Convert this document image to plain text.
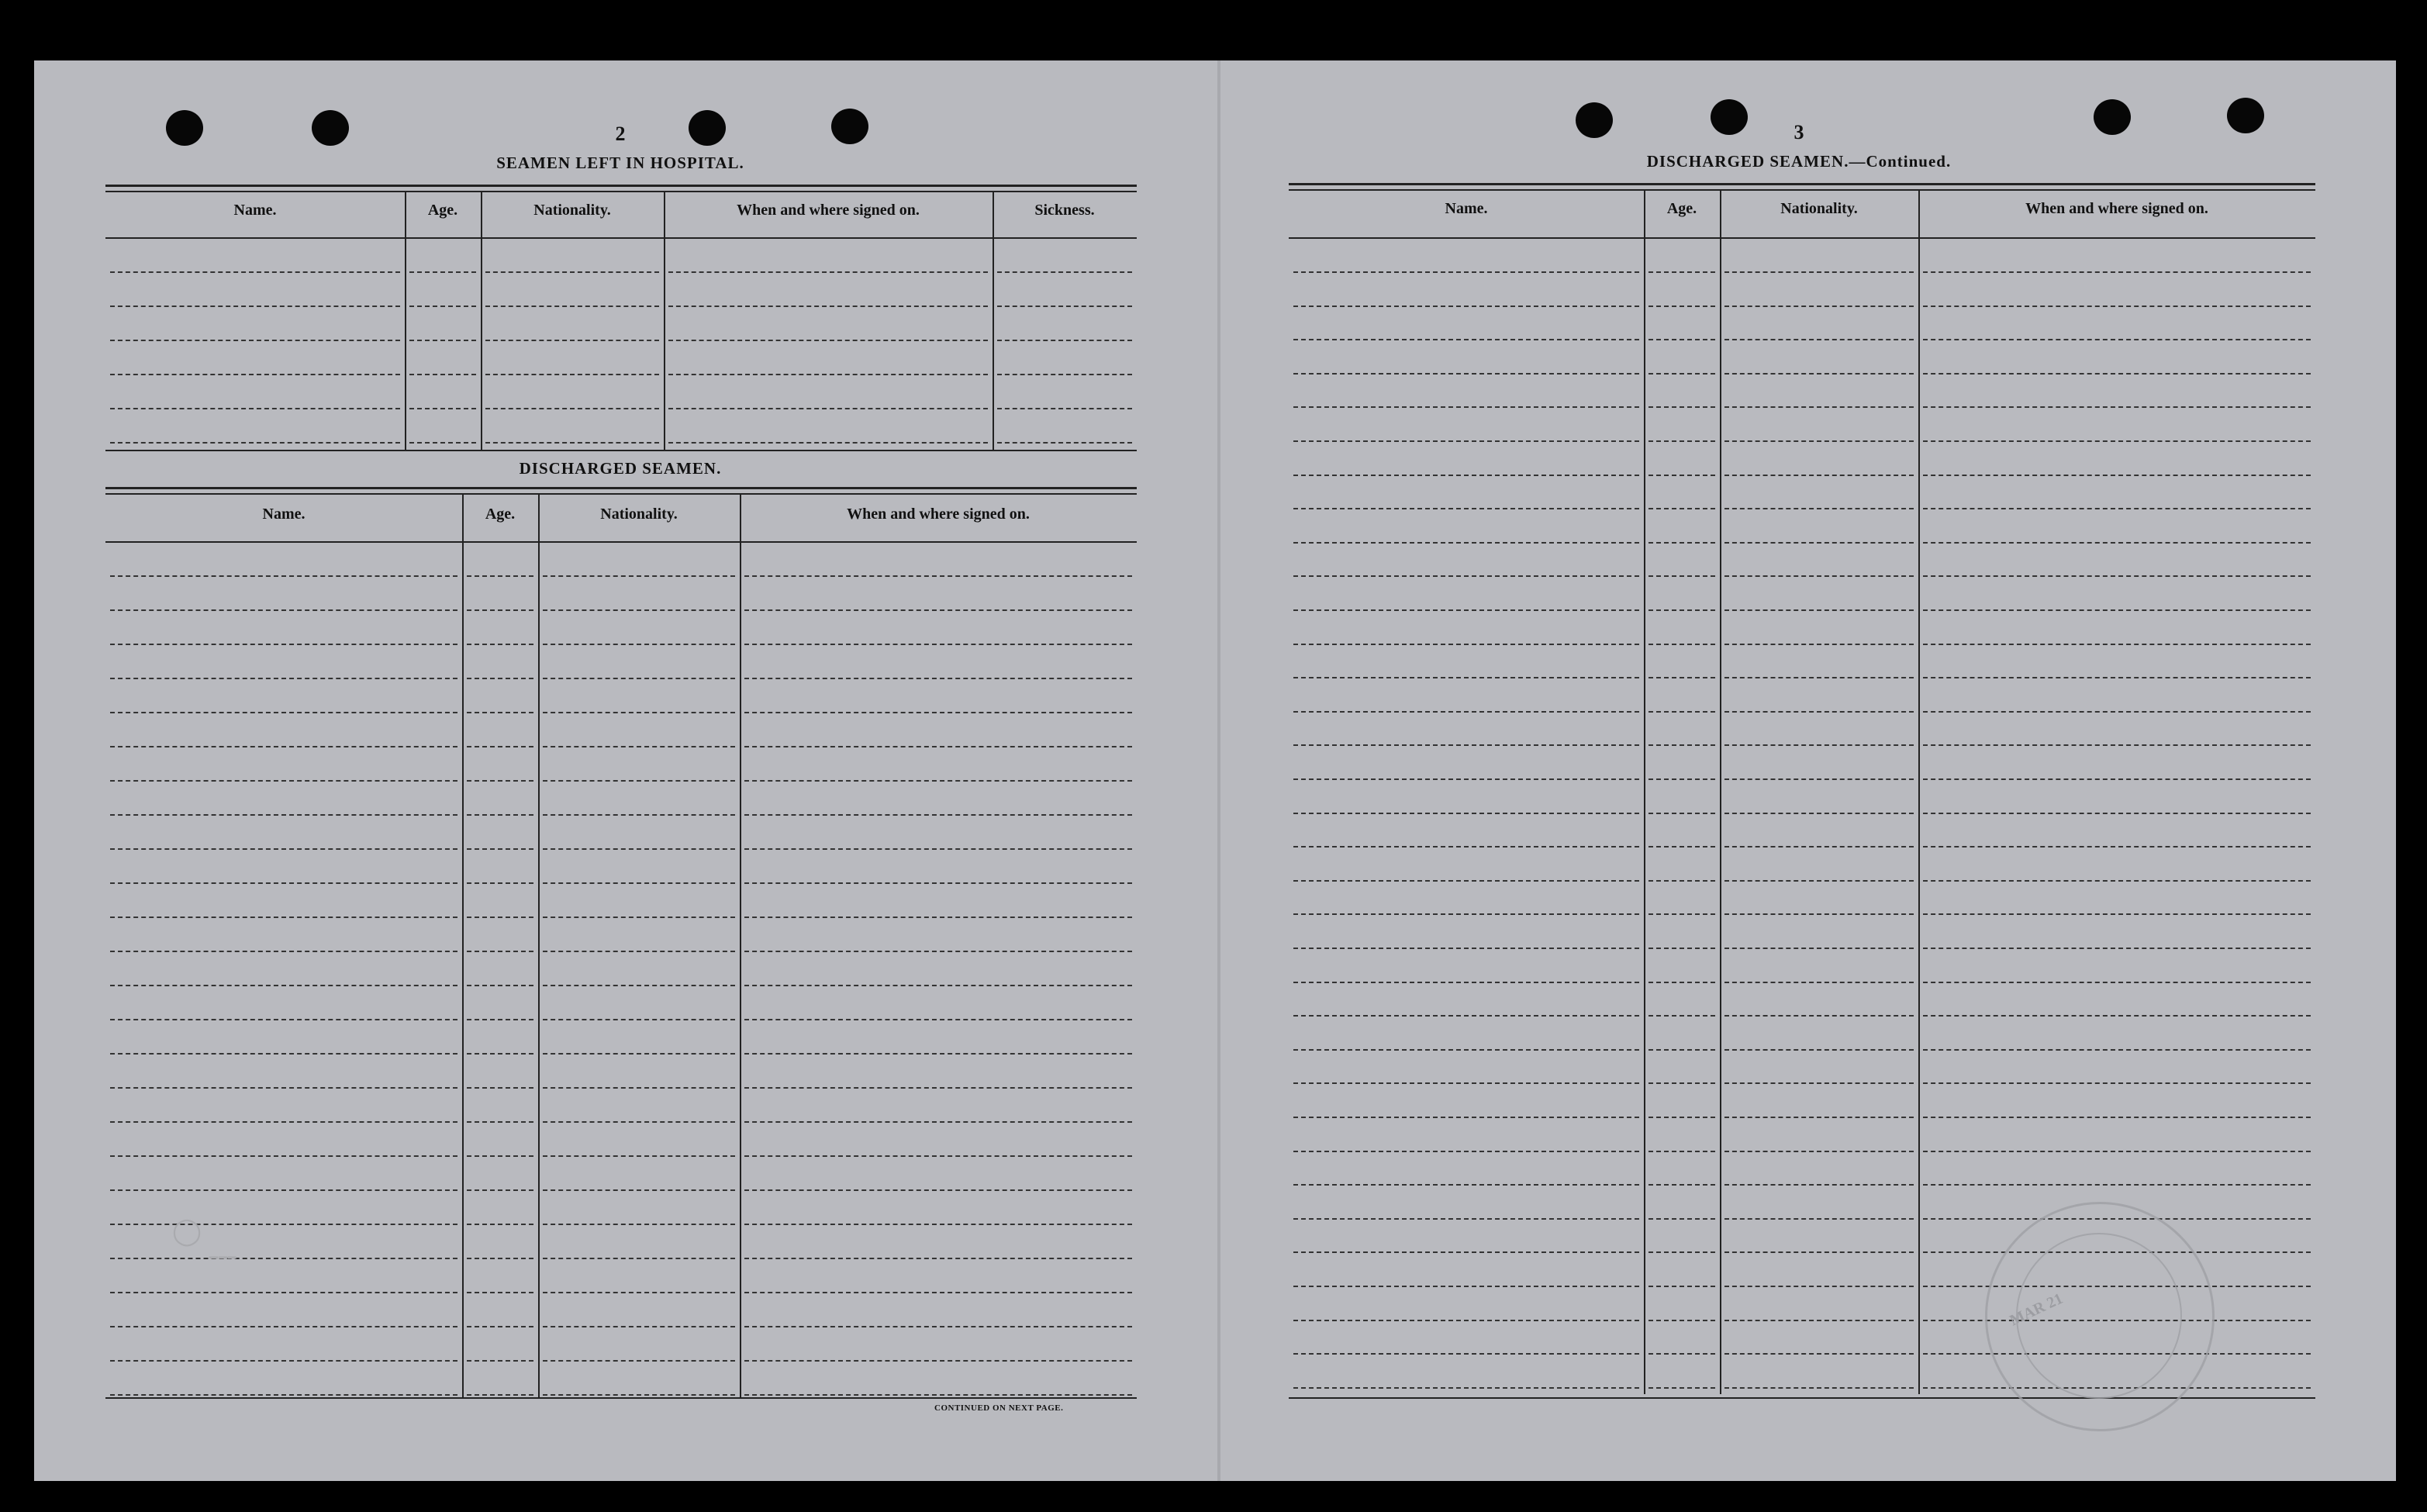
2
SEAMEN LEFT IN HOSPITAL.
Name.	Age.	Nationality.	When and where signed on.	Sickness.
DISCHARGED SEAMEN.
Name.	Age.	Nationality.	When and where signed on.
CONTINUED ON NEXT PAGE.
◯
━━━
3
DISCHARGED SEAMEN.—Continued.
Name.	Age.	Nationality.	When and where signed on.
MAR 21
